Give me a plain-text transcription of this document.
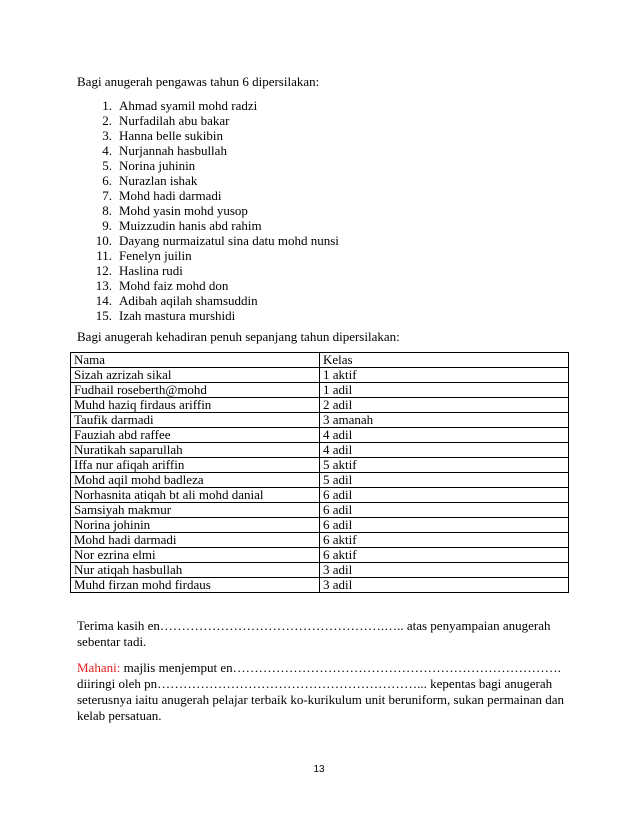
Bagi anugerah pengawas tahun 6 dipersilakan:

1. Ahmad syamil mohd radzi
2. Nurfadilah abu bakar
3. Hanna belle sukibin
4. Nurjannah hasbullah
5. Norina juhinin
6. Nurazlan ishak
7. Mohd hadi darmadi
8. Mohd yasin mohd yusop
9. Muizzudin hanis abd rahim
10. Dayang nurmaizatul sina datu mohd nunsi
11. Fenelyn juilin
12. Haslina rudi
13. Mohd faiz mohd don
14. Adibah aqilah shamsuddin
15. Izah mastura murshidi

Bagi anugerah kehadiran penuh sepanjang tahun dipersilakan:

Nama	Kelas
Sizah azrizah sikal	1 aktif
Fudhail roseberth@mohd	1 adil
Muhd haziq firdaus ariffin	2 adil
Taufik darmadi	3 amanah
Fauziah abd raffee	4 adil
Nuratikah saparullah	4 adil
Iffa nur afiqah ariffin	5 aktif
Mohd aqil mohd badleza	5 adil
Norhasnita atiqah bt ali mohd danial	6 adil
Samsiyah makmur	6 adil
Norina johinin	6 adil
Mohd hadi darmadi	6 aktif
Nor ezrina elmi	6 aktif
Nur atiqah hasbullah	3 adil
Muhd firzan mohd firdaus	3 adil

Terima kasih en…………………………………………….….. atas penyampaian anugerah

sebentar tadi.

Mahani: majlis menjemput en………………………………………………………………….

diiringi oleh pn……………………………………………………... kepentas bagi anugerah

seterusnya iaitu anugerah pelajar terbaik ko-kurikulum unit beruniform, sukan permainan dan

kelab persatuan.

13
